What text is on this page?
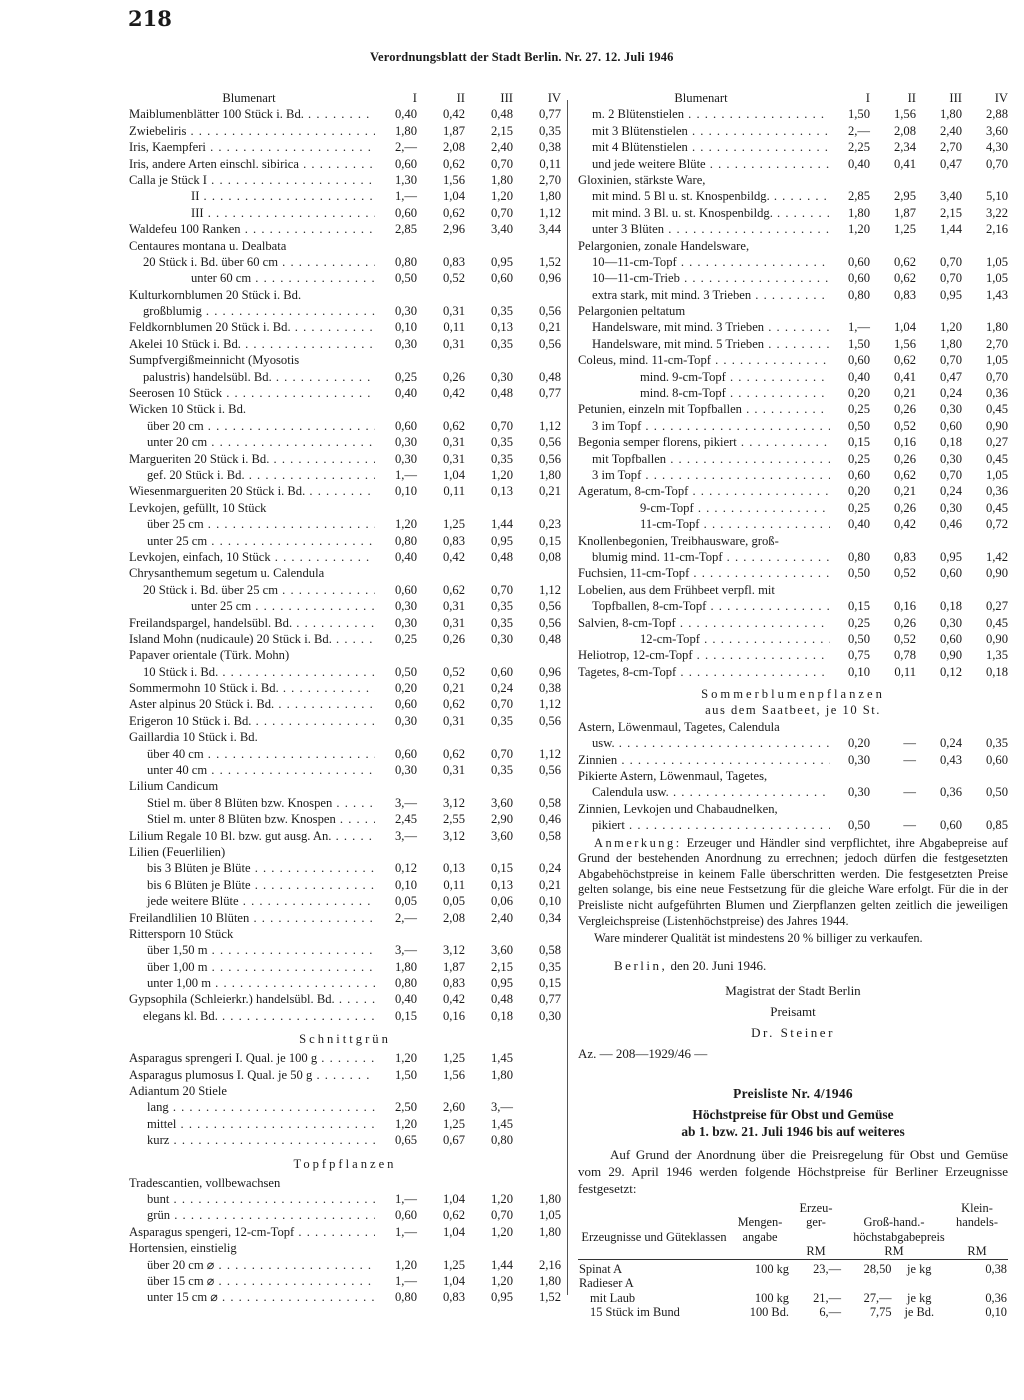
218
Verordnungsblatt der Stadt Berlin. Nr. 27. 12. Juli 1946
Blumenart	I	II	III	IV
Maiblumenblätter 100 Stück i. Bd. . . .	0,40	0,42	0,48	0,77
Zwiebeliris . . .	1,80	1,87	2,15	0,35
Iris, Kaempferi . . .	2,—	2,08	2,40	0,38
Iris, andere Arten einschl. sibirica . . .	0,60	0,62	0,70	0,11
Calla je Stück I . . .	1,30	1,56	1,80	2,70
II . . .	1,—	1,04	1,20	1,80
III . . .	0,60	0,62	0,70	1,12
Waldefeu 100 Ranken . . .	2,85	2,96	3,40	3,44
Centaures montana u. Dealbata
20 Stück i. Bd. über 60 cm . . .	0,80	0,83	0,95	1,52
unter 60 cm . . .	0,50	0,52	0,60	0,96
Kulturkornblumen 20 Stück i. Bd.
großblumig . . .	0,30	0,31	0,35	0,56
Feldkornblumen 20 Stück i. Bd. . . .	0,10	0,11	0,13	0,21
Akelei 10 Stück i. Bd. . . .	0,30	0,31	0,35	0,56
Sumpfvergißmeinnicht (Myosotis
palustris) handelsübl. Bd. . . .	0,25	0,26	0,30	0,48
Seerosen 10 Stück . . .	0,40	0,42	0,48	0,77
Wicken 10 Stück i. Bd.
über 20 cm . . .	0,60	0,62	0,70	1,12
unter 20 cm . . .	0,30	0,31	0,35	0,56
Margueriten 20 Stück i. Bd. . . .	0,30	0,31	0,35	0,56
gef. 20 Stück i. Bd. . . .	1,—	1,04	1,20	1,80
Wiesenmargueriten 20 Stück i. Bd. . . .	0,10	0,11	0,13	0,21
Levkojen, gefüllt, 10 Stück
über 25 cm . . .	1,20	1,25	1,44	0,23
unter 25 cm . . .	0,80	0,83	0,95	0,15
Levkojen, einfach, 10 Stück . . .	0,40	0,42	0,48	0,08
Chrysanthemum segetum u. Calendula
20 Stück i. Bd. über 25 cm . . .	0,60	0,62	0,70	1,12
unter 25 cm . . .	0,30	0,31	0,35	0,56
Freilandspargel, handelsübl. Bd. . . .	0,30	0,31	0,35	0,56
Island Mohn (nudicaule) 20 Stück i. Bd. . . .	0,25	0,26	0,30	0,48
Papaver orientale (Türk. Mohn)
10 Stück i. Bd. . . .	0,50	0,52	0,60	0,96
Sommermohn 10 Stück i. Bd. . . .	0,20	0,21	0,24	0,38
Aster alpinus 20 Stück i. Bd. . . .	0,60	0,62	0,70	1,12
Erigeron 10 Stück i. Bd. . . .	0,30	0,31	0,35	0,56
Gaillardia 10 Stück i. Bd.
über 40 cm . . .	0,60	0,62	0,70	1,12
unter 40 cm . . .	0,30	0,31	0,35	0,56
Lilium Candicum
Stiel m. über 8 Blüten bzw. Knospen . . .	3,—	3,12	3,60	0,58
Stiel m. unter 8 Blüten bzw. Knospen . . .	2,45	2,55	2,90	0,46
Lilium Regale 10 Bl. bzw. gut ausg. An. . . .	3,—	3,12	3,60	0,58
Lilien (Feuerlilien)
bis 3 Blüten je Blüte . . .	0,12	0,13	0,15	0,24
bis 6 Blüten je Blüte . . .	0,10	0,11	0,13	0,21
jede weitere Blüte . . .	0,05	0,05	0,06	0,10
Freilandlilien 10 Blüten . . .	2,—	2,08	2,40	0,34
Rittersporn 10 Stück
über 1,50 m . . .	3,—	3,12	3,60	0,58
über 1,00 m . . .	1,80	1,87	2,15	0,35
unter 1,00 m . . .	0,80	0,83	0,95	0,15
Gypsophila (Schleierkr.) handelsübl. Bd. . . .	0,40	0,42	0,48	0,77
elegans kl. Bd. . . .	0,15	0,16	0,18	0,30
Schnittgrün
Asparagus sprengeri I. Qual. je 100 g . . .	1,20	1,25	1,45
Asparagus plumosus I. Qual. je 50 g . . .	1,50	1,56	1,80
Adiantum 20 Stiele
lang . . .	2,50	2,60	3,—
mittel . . .	1,20	1,25	1,45
kurz . . .	0,65	0,67	0,80
Topfpflanzen
Tradescantien, vollbewachsen
bunt . . .	1,—	1,04	1,20	1,80
grün . . .	0,60	0,62	0,70	1,05
Asparagus spengeri, 12-cm-Topf . . .	1,—	1,04	1,20	1,80
Hortensien, einstielig
über 20 cm ⌀ . . .	1,20	1,25	1,44	2,16
über 15 cm ⌀ . . .	1,—	1,04	1,20	1,80
unter 15 cm ⌀ . . .	0,80	0,83	0,95	1,52
Blumenart	I	II	III	IV
m. 2 Blütenstielen . . .	1,50	1,56	1,80	2,88
mit 3 Blütenstielen . . .	2,—	2,08	2,40	3,60
mit 4 Blütenstielen . . .	2,25	2,34	2,70	4,30
und jede weitere Blüte . . .	0,40	0,41	0,47	0,70
Gloxinien, stärkste Ware,
mit mind. 5 Bl u. st. Knospenbildg. . . .	2,85	2,95	3,40	5,10
mit mind. 3 Bl. u. st. Knospenbildg. . . .	1,80	1,87	2,15	3,22
unter 3 Blüten . . .	1,20	1,25	1,44	2,16
Pelargonien, zonale Handelsware,
10—11-cm-Topf . . .	0,60	0,62	0,70	1,05
10—11-cm-Trieb . . .	0,60	0,62	0,70	1,05
extra stark, mit mind. 3 Trieben . . .	0,80	0,83	0,95	1,43
Pelargonien peltatum
Handelsware, mit mind. 3 Trieben . . .	1,—	1,04	1,20	1,80
Handelsware, mit mind. 5 Trieben . . .	1,50	1,56	1,80	2,70
Coleus, mind. 11-cm-Topf . . .	0,60	0,62	0,70	1,05
mind. 9-cm-Topf . . .	0,40	0,41	0,47	0,70
mind. 8-cm-Topf . . .	0,20	0,21	0,24	0,36
Petunien, einzeln mit Topfballen . . .	0,25	0,26	0,30	0,45
3 im Topf . . .	0,50	0,52	0,60	0,90
Begonia semper florens, pikiert . . .	0,15	0,16	0,18	0,27
mit Topfballen . . .	0,25	0,26	0,30	0,45
3 im Topf . . .	0,60	0,62	0,70	1,05
Ageratum, 8-cm-Topf . . .	0,20	0,21	0,24	0,36
9-cm-Topf . . .	0,25	0,26	0,30	0,45
11-cm-Topf . . .	0,40	0,42	0,46	0,72
Knollenbegonien, Treibhausware, groß-
blumig mind. 11-cm-Topf . . .	0,80	0,83	0,95	1,42
Fuchsien, 11-cm-Topf . . .	0,50	0,52	0,60	0,90
Lobelien, aus dem Frühbeet verpfl. mit
Topfballen, 8-cm-Topf . . .	0,15	0,16	0,18	0,27
Salvien, 8-cm-Topf . . .	0,25	0,26	0,30	0,45
12-cm-Topf . . .	0,50	0,52	0,60	0,90
Heliotrop, 12-cm-Topf . . .	0,75	0,78	0,90	1,35
Tagetes, 8-cm-Topf . . .	0,10	0,11	0,12	0,18
Sommerblumenpflanzen
aus dem Saatbeet, je 10 St.
Astern, Löwenmaul, Tagetes, Calendula
usw. . . .	0,20	—	0,24	0,35
Zinnien . . .	0,30	—	0,43	0,60
Pikierte Astern, Löwenmaul, Tagetes,
Calendula usw. . . .	0,30	—	0,36	0,50
Zinnien, Levkojen und Chabaudnelken,
pikiert . . .	0,50	—	0,60	0,85
Anmerkung: Erzeuger und Händler sind verpflichtet, ihre Abgabepreise auf Grund der bestehenden Anordnung zu errechnen; jedoch dürfen die festgesetzten Abgabehöchstpreise in keinem Falle überschritten werden. Die festgesetzten Preise gelten solange, bis eine neue Festsetzung für die gleiche Ware erfolgt. Für die in der Preisliste nicht aufgeführten Blumen und Zierpflanzen gelten zeitlich die jeweiligen Vergleichspreise (Listenhöchstpreise) des Jahres 1944.
Ware minderer Qualität ist mindestens 20 % billiger zu verkaufen.
Berlin, den 20. Juni 1946.
Magistrat der Stadt Berlin
Preisamt
Dr. Steiner
Az. — 208—1929/46 —
Preisliste Nr. 4/1946
Höchstpreise für Obst und Gemüse
ab 1. bzw. 21. Juli 1946 bis auf weiteres
Auf Grund der Anordnung über die Preisregelung für Obst und Gemüse vom 29. April 1946 werden folgende Höchstpreise für Berliner Erzeugnisse festgesetzt:
Erzeugnisse und Güteklassen	Mengen-angabe	Erzeu-ger-	Groß-hand.-		Klein-handels-
		höchstabgabepreis			
		RM	RM		RM

Spinat A	100 kg	23,—	28,50	je kg	0,38
Radieser A					
mit Laub	100 kg	21,—	27,—	je kg	0,36
15 Stück im Bund	100 Bd.	6,—	7,75	je Bd.	0,10
